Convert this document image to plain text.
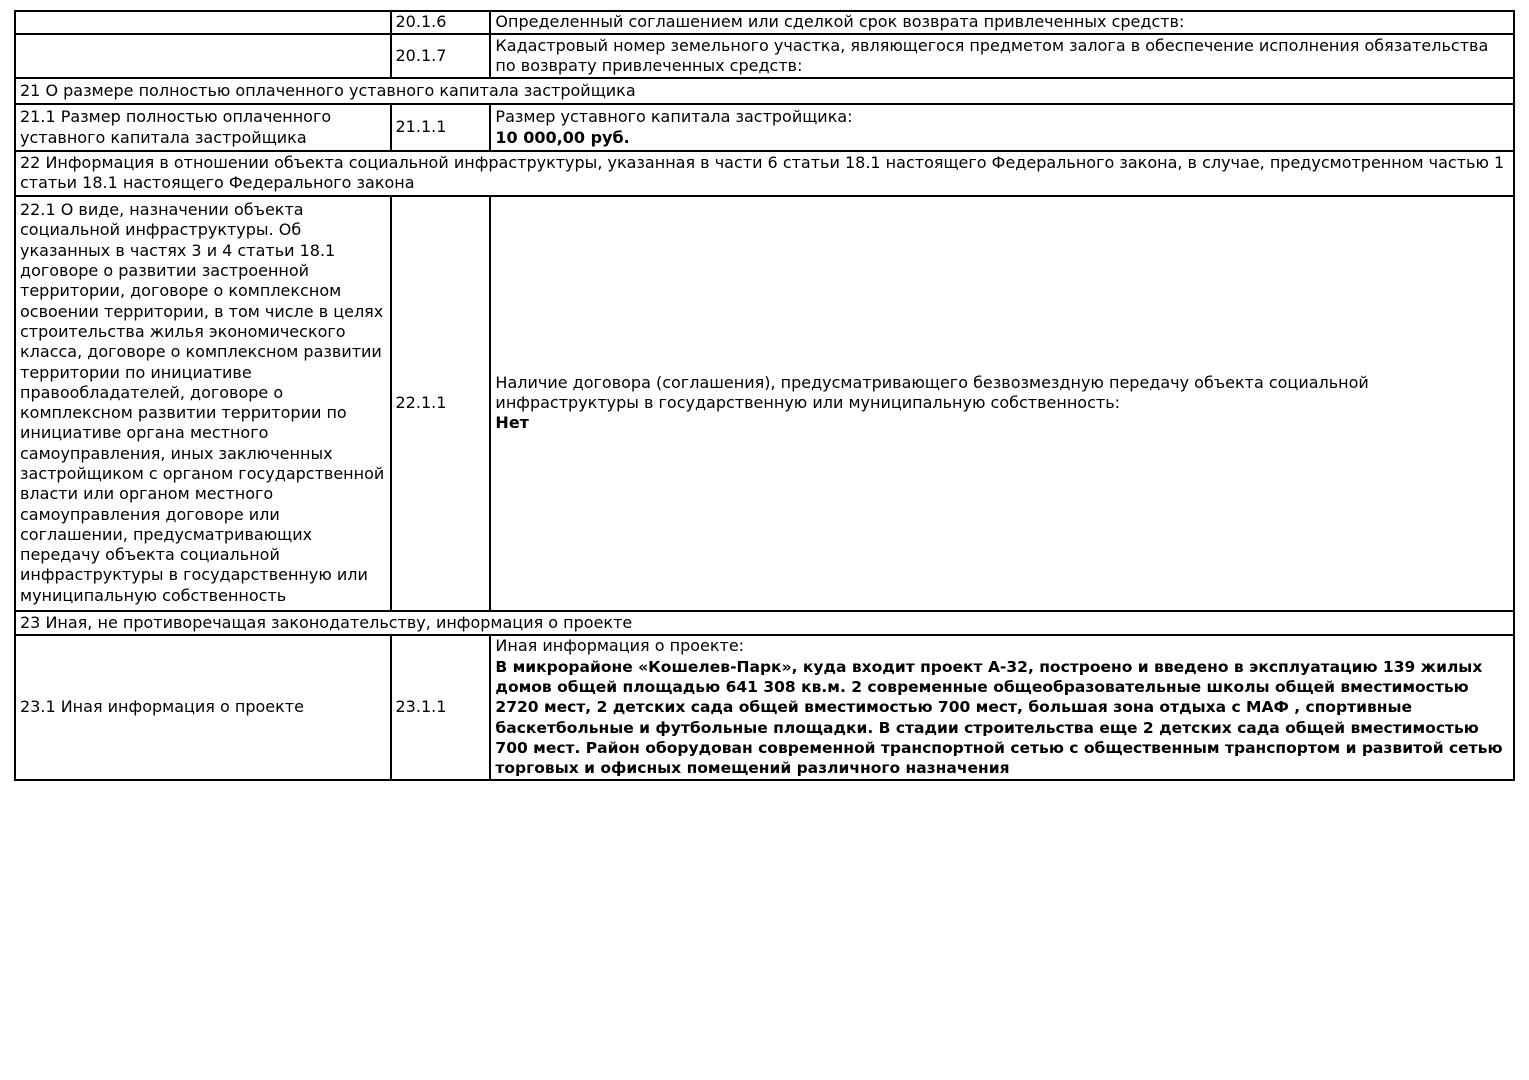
	20.1.6	Определенный соглашением или сделкой срок возврата привлеченных средств:
	20.1.7	Кадастровый номер земельного участка, являющегося предметом залога в обеспечение исполнения обязательства по возврату привлеченных средств:
21 О размере полностью оплаченного уставного капитала застройщика		
21.1 Размер полностью оплаченного уставного капитала застройщика	21.1.1	Размер уставного капитала застройщика:
10 000,00 руб.

22 Информация в отношении объекта социальной инфраструктуры, указанная в части 6 статьи 18.1 настоящего Федерального закона, в случае, предусмотренном частью 1 статьи 18.1 настоящего Федерального закона		
22.1 О виде, назначении объекта социальной инфраструктуры. Об указанных в частях 3 и 4 статьи 18.1 договоре о развитии застроенной территории, договоре о комплексном освоении территории, в том числе в целях строительства жилья экономического класса, договоре о комплексном развитии территории по инициативе правообладателей, договоре о комплексном развитии территории по инициативе органа местного самоуправления, иных заключенных застройщиком с органом государственной власти или органом местного самоуправления договоре или соглашении, предусматривающих передачу объекта социальной инфраструктуры в государственную или муниципальную собственность	22.1.1	Наличие договора (соглашения), предусматривающего безвозмездную передачу объекта социальной инфраструктуры в государственную или муниципальную собственность:
Нет

23 Иная, не противоречащая законодательству, информация о проекте		
23.1 Иная информация о проекте	23.1.1	Иная информация о проекте:
В микрорайоне «Кошелев-Парк», куда входит проект А-32, построено и введено в эксплуатацию 139 жилых домов общей площадью 641 308 кв.м. 2 современные общеобразовательные школы общей вместимостью 2720 мест, 2 детских сада общей вместимостью 700 мест, большая зона отдыха с МАФ , спортивные баскетбольные и футбольные площадки. В стадии строительства еще 2 детских сада общей вместимостью 700 мест. Район оборудован современной транспортной сетью с общественным транспортом и развитой сетью торговых и офисных помещений различного назначения
